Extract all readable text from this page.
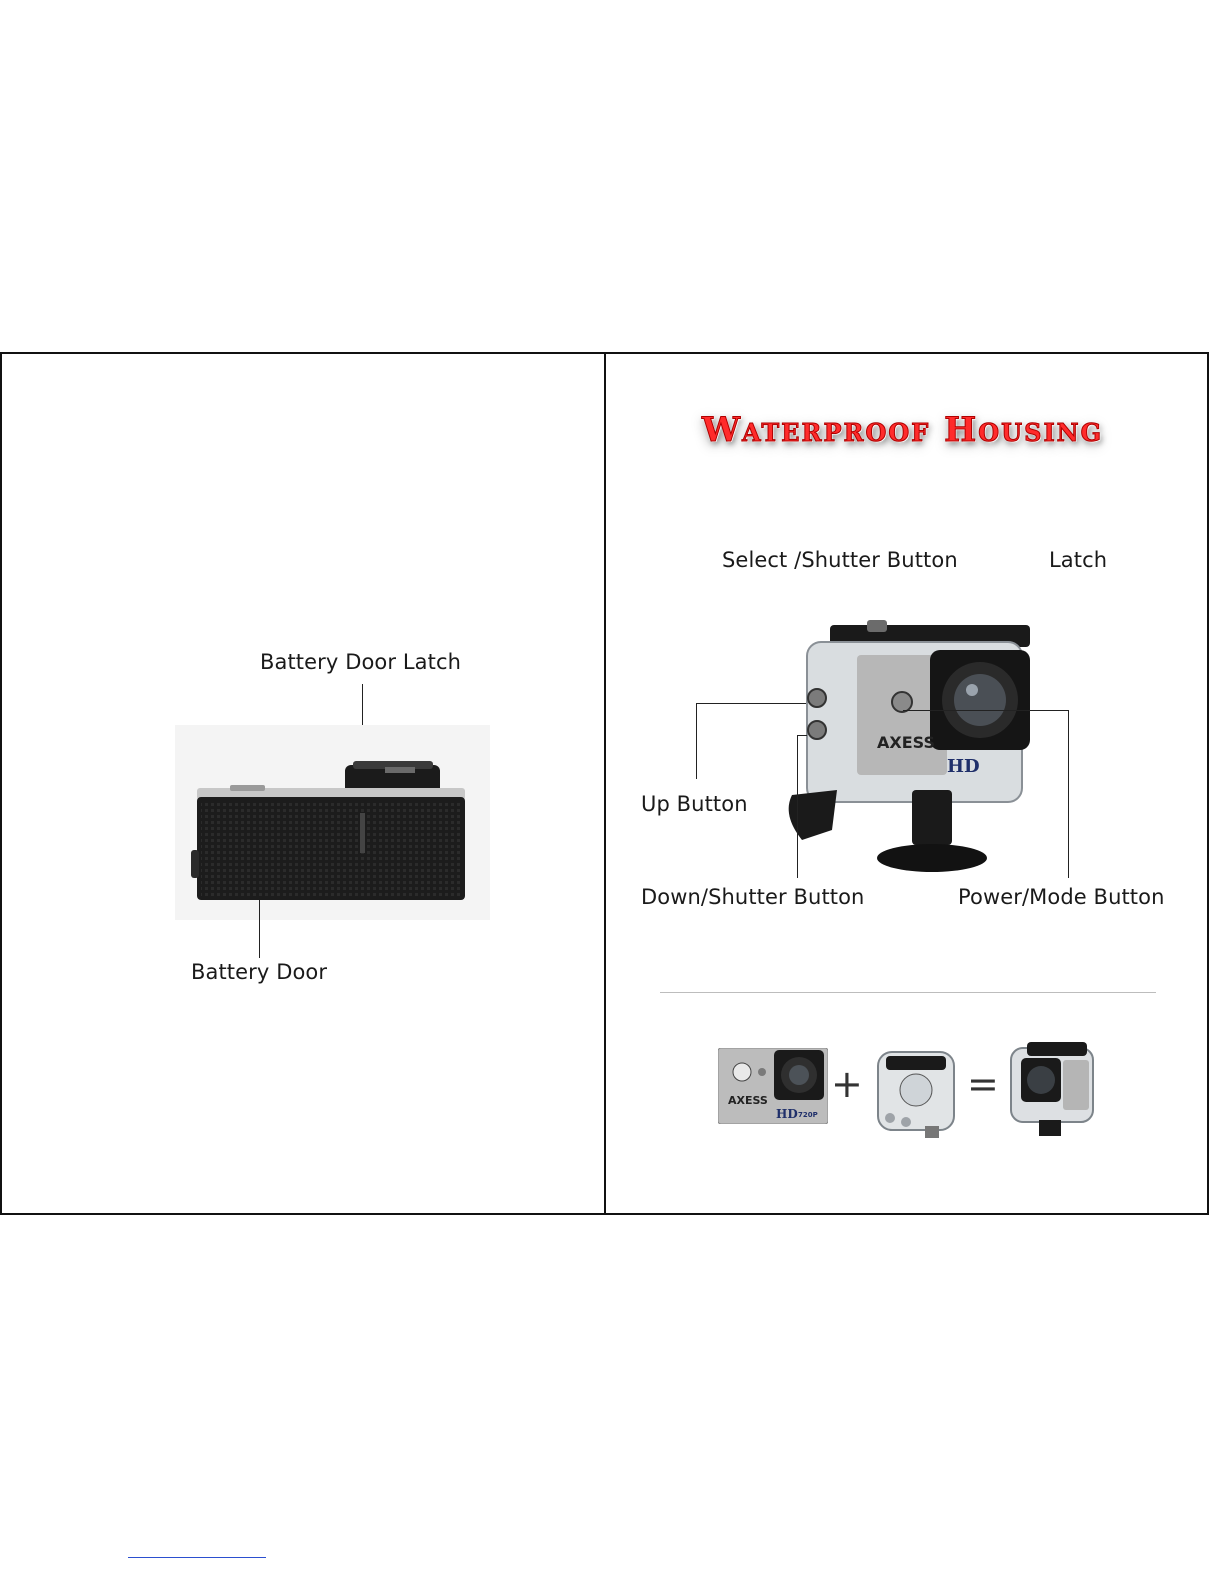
Battery Door Latch
Battery Door
Waterproof Housing
Select /Shutter Button	Latch
AXESS
HD
Up Button
Down/Shutter Button	Power/Mode Button
AXESS
HD 720P
+	=
